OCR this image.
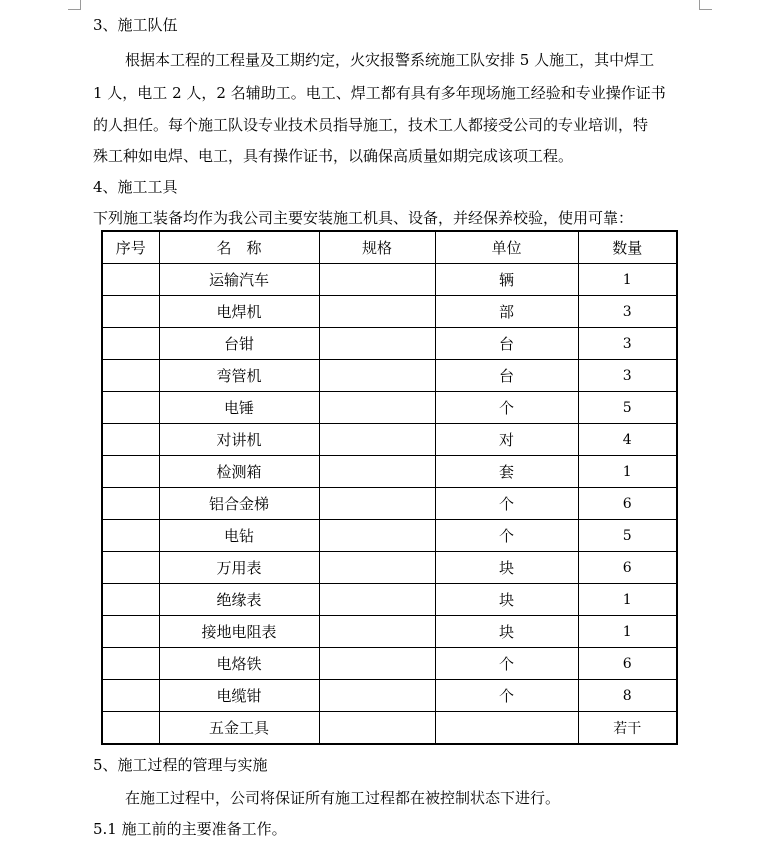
3、施工队伍
根据本工程的工程量及工期约定，火灾报警系统施工队安排 5 人施工，其中焊工
1 人，电工 2 人，2 名辅助工。电工、焊工都有具有多年现场施工经验和专业操作证书
的人担任。每个施工队设专业技术员指导施工，技术工人都接受公司的专业培训，特
殊工种如电焊、电工，具有操作证书，以确保高质量如期完成该项工程。
4、施工工具
下列施工装备均作为我公司主要安装施工机具、设备，并经保养校验，使用可靠：
序号	名　称	规格	单位	数量
	运输汽车		辆	1
	电焊机		部	3
	台钳		台	3
	弯管机		台	3
	电锤		个	5
	对讲机		对	4
	检测箱		套	1
	铝合金梯		个	6
	电钻		个	5
	万用表		块	6
	绝缘表		块	1
	接地电阻表		块	1
	电烙铁		个	6
	电缆钳		个	8
	五金工具			若干
5、施工过程的管理与实施
在施工过程中，公司将保证所有施工过程都在被控制状态下进行。
5.1 施工前的主要准备工作。
